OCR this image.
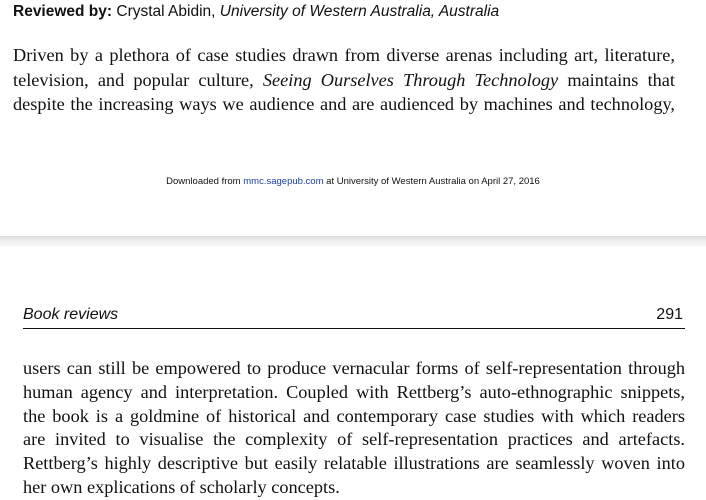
Reviewed by: Crystal Abidin, University of Western Australia, Australia
Driven by a plethora of case studies drawn from diverse arenas including art, literature,
television, and popular culture, Seeing Ourselves Through Technology maintains that
despite the increasing ways we audience and are audienced by machines and technology,
Downloaded from mmc.sagepub.com at University of Western Australia on April 27, 2016
Book reviews	291
users can still be empowered to produce vernacular forms of self-representation through
human agency and interpretation. Coupled with Rettberg’s auto-ethnographic snippets,
the book is a goldmine of historical and contemporary case studies with which readers
are invited to visualise the complexity of self-representation practices and artefacts.
Rettberg’s highly descriptive but easily relatable illustrations are seamlessly woven into
her own explications of scholarly concepts.
